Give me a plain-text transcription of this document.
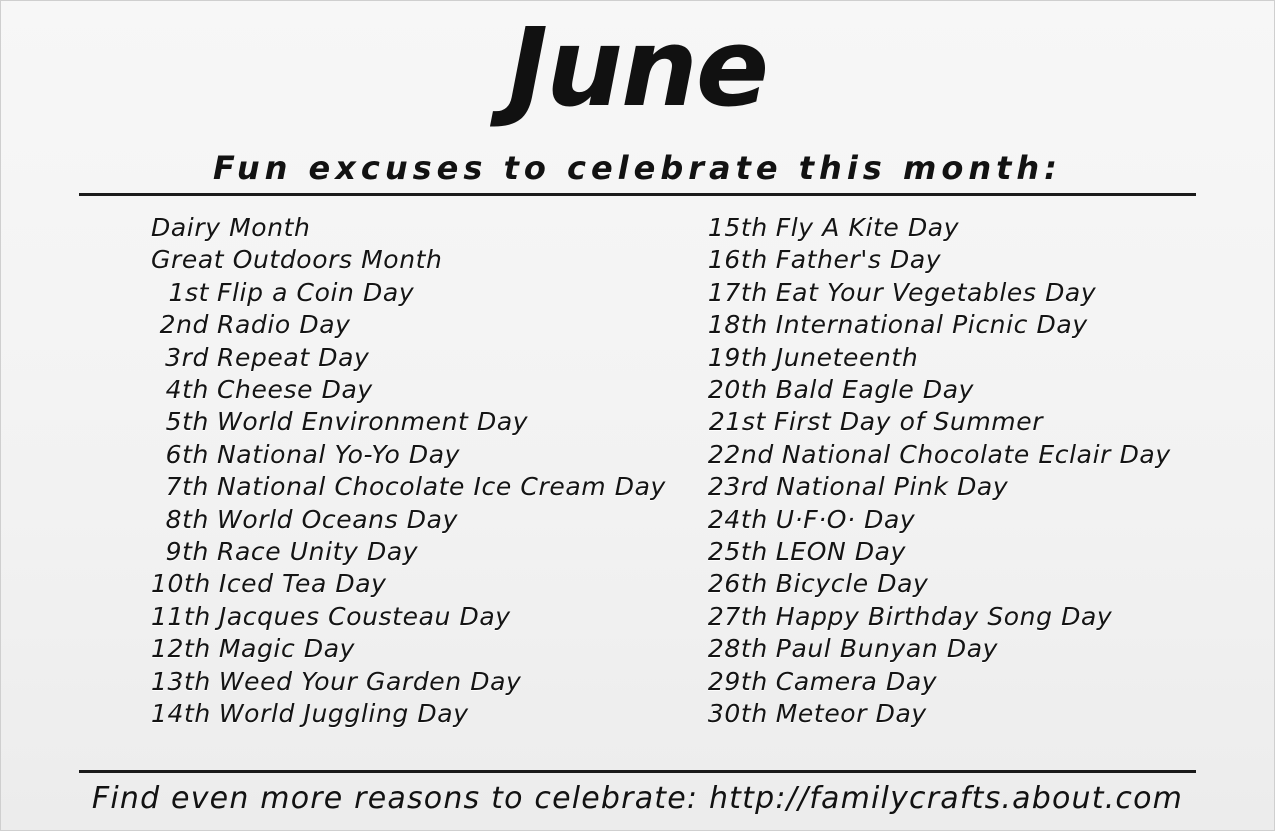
June
Fun excuses to celebrate this month:
Dairy Month
Great Outdoors Month
1st Flip a Coin Day
2nd Radio Day
3rd Repeat Day
4th Cheese Day
5th World Environment Day
6th National Yo-Yo Day
7th National Chocolate Ice Cream Day
8th World Oceans Day
9th Race Unity Day
10th Iced Tea Day
11th Jacques Cousteau Day
12th Magic Day
13th Weed Your Garden Day
14th World Juggling Day
15th Fly A Kite Day
16th Father's Day
17th Eat Your Vegetables Day
18th International Picnic Day
19th Juneteenth
20th Bald Eagle Day
21st First Day of Summer
22nd National Chocolate Eclair Day
23rd National Pink Day
24th U·F·O· Day
25th LEON Day
26th Bicycle Day
27th Happy Birthday Song Day
28th Paul Bunyan Day
29th Camera Day
30th Meteor Day
Find even more reasons to celebrate: http://familycrafts.about.com
